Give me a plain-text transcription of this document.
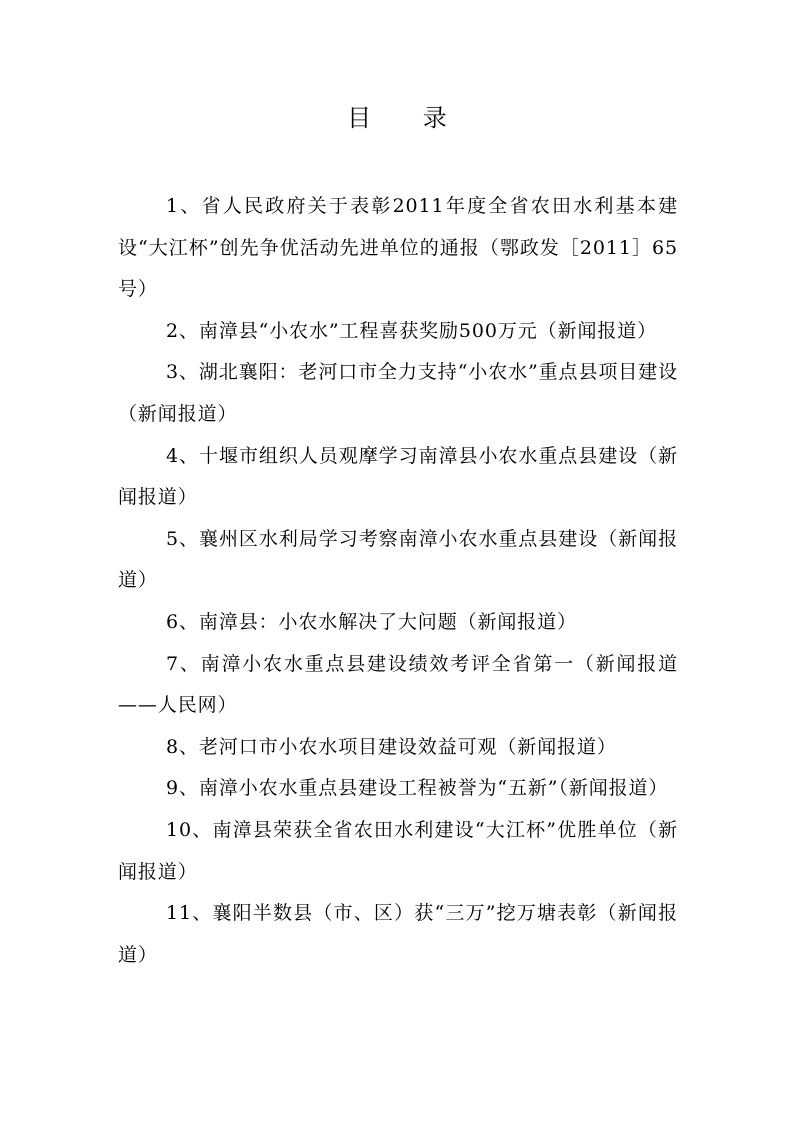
目 录

1、省人民政府关于表彰2011年度全省农田水利基本建设“大江杯”创先争优活动先进单位的通报（鄂政发［2011］65号）

2、南漳县“小农水”工程喜获奖励500万元（新闻报道）

3、湖北襄阳：老河口市全力支持“小农水”重点县项目建设（新闻报道）

4、十堰市组织人员观摩学习南漳县小农水重点县建设（新闻报道）

5、襄州区水利局学习考察南漳小农水重点县建设（新闻报道）

6、南漳县：小农水解决了大问题（新闻报道）

7、南漳小农水重点县建设绩效考评全省第一（新闻报道——人民网）

8、老河口市小农水项目建设效益可观（新闻报道）

9、南漳小农水重点县建设工程被誉为“五新”（新闻报道）

10、南漳县荣获全省农田水利建设“大江杯”优胜单位（新闻报道）

11、襄阳半数县（市、区）获“三万”挖万塘表彰（新闻报道）
